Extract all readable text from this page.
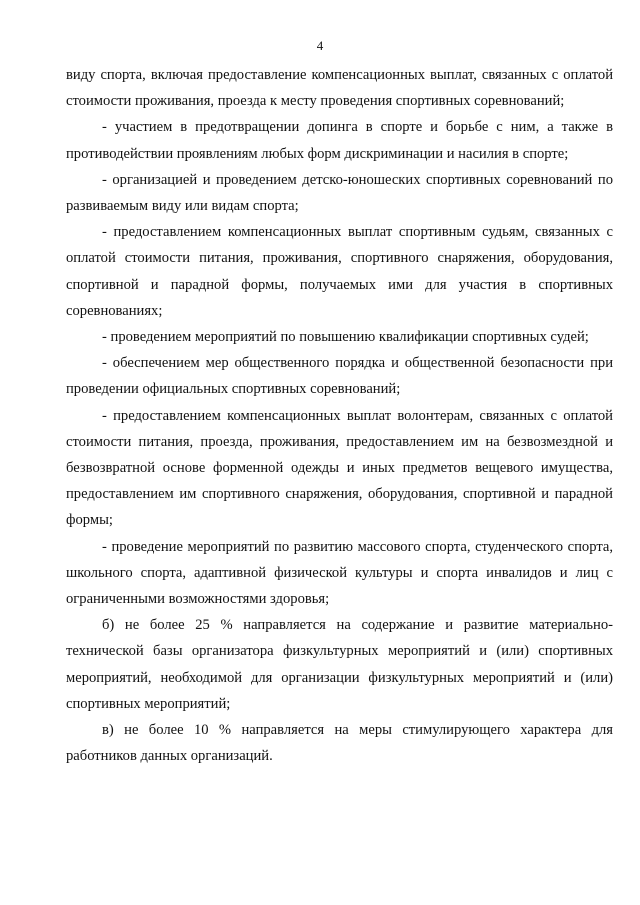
4

виду спорта, включая предоставление компенсационных выплат, связанных с оплатой стоимости проживания, проезда к месту проведения спортивных соревнований;

- участием в предотвращении допинга в спорте и борьбе с ним, а также в противодействии проявлениям любых форм дискриминации и насилия в спорте;

- организацией и проведением детско-юношеских спортивных соревнований по развиваемым виду или видам спорта;

- предоставлением компенсационных выплат спортивным судьям, связанных с оплатой стоимости питания, проживания, спортивного снаряжения, оборудования, спортивной и парадной формы, получаемых ими для участия в спортивных соревнованиях;

- проведением мероприятий по повышению квалификации спортивных судей;

- обеспечением мер общественного порядка и общественной безопасности при проведении официальных спортивных соревнований;

- предоставлением компенсационных выплат волонтерам, связанных с оплатой стоимости питания, проезда, проживания, предоставлением им на безвозмездной и безвозвратной основе форменной одежды и иных предметов вещевого имущества, предоставлением им спортивного снаряжения, оборудования, спортивной и парадной формы;

- проведение мероприятий по развитию массового спорта, студенческого спорта, школьного спорта, адаптивной физической культуры и спорта инвалидов и лиц с ограниченными возможностями здоровья;

б) не более 25 % направляется на содержание и развитие материально-технической базы организатора физкультурных мероприятий и (или) спортивных мероприятий, необходимой для организации физкультурных мероприятий и (или) спортивных мероприятий;

в) не более 10 % направляется на меры стимулирующего характера для работников данных организаций.
